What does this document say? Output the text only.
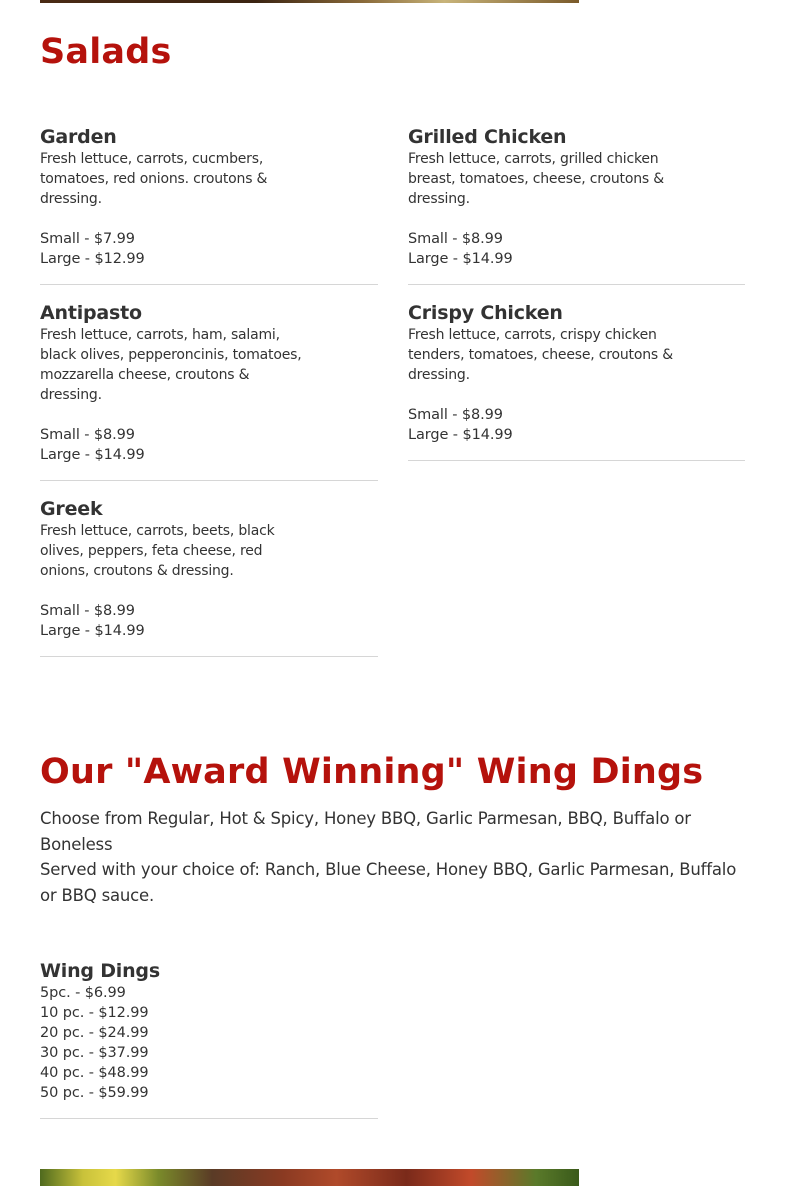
Salads
Garden
Fresh lettuce, carrots, cucmbers, tomatoes, red onions. croutons & dressing.
Small - $7.99
Large - $12.99
Grilled Chicken
Fresh lettuce, carrots, grilled chicken breast, tomatoes, cheese, croutons & dressing.
Small - $8.99
Large - $14.99
Antipasto
Fresh lettuce, carrots, ham, salami, black olives, pepperoncinis, tomatoes, mozzarella cheese, croutons & dressing.
Small - $8.99
Large - $14.99
Crispy Chicken
Fresh lettuce, carrots, crispy chicken tenders, tomatoes, cheese, croutons & dressing.
Small - $8.99
Large - $14.99
Greek
Fresh lettuce, carrots, beets, black olives, peppers, feta cheese, red onions, croutons & dressing.
Small - $8.99
Large - $14.99
Our "Award Winning" Wing Dings
Choose from Regular, Hot & Spicy, Honey BBQ, Garlic Parmesan, BBQ, Buffalo or Boneless
Served with your choice of: Ranch, Blue Cheese, Honey BBQ, Garlic Parmesan, Buffalo or BBQ sauce.
Wing Dings
5pc. - $6.99
10 pc. - $12.99
20 pc. - $24.99
30 pc. - $37.99
40 pc. - $48.99
50 pc. - $59.99
